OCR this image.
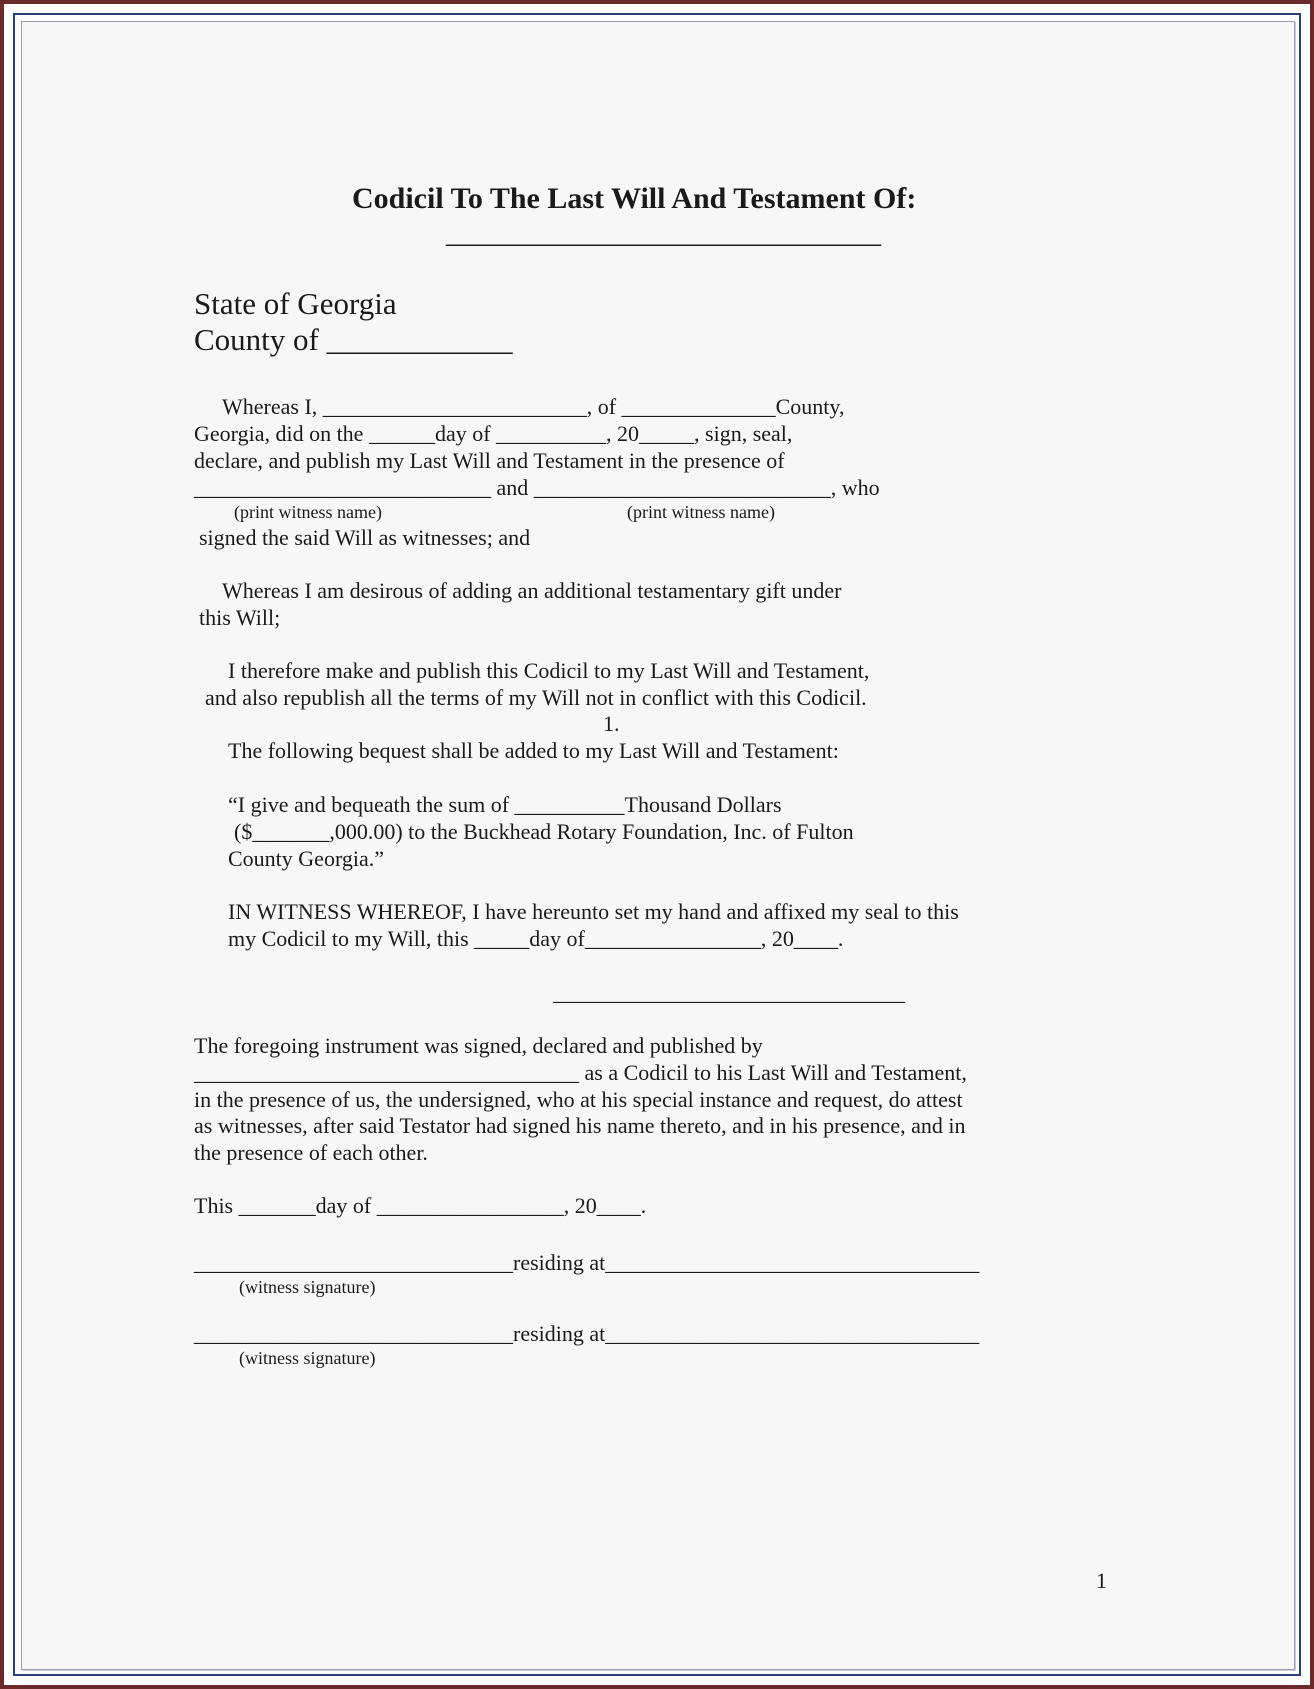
Codicil To The Last Will And Testament Of:
_____________________________
State of Georgia
County of ____________
Whereas I, ________________________, of ______________County,
Georgia, did on the ______day of __________, 20_____, sign, seal,
declare, and publish my Last Will and Testament in the presence of
___________________________ and ___________________________, who
(print witness name)	(print witness name)
signed the said Will as witnesses; and
Whereas I am desirous of adding an additional testamentary gift under
this Will;
I therefore make and publish this Codicil to my Last Will and Testament,
and also republish all the terms of my Will not in conflict with this Codicil.
1.
The following bequest shall be added to my Last Will and Testament:
“I give and bequeath the sum of __________Thousand Dollars
($_______,000.00) to the Buckhead Rotary Foundation, Inc. of Fulton
County Georgia.”
IN WITNESS WHEREOF, I have hereunto set my hand and affixed my seal to this
my Codicil to my Will, this _____day of________________, 20____.
________________________________
The foregoing instrument was signed, declared and published by
___________________________________ as a Codicil to his Last Will and Testament,
in the presence of us, the undersigned, who at his special instance and request, do attest
as witnesses, after said Testator had signed his name thereto, and in his presence, and in
the presence of each other.
This _______day of _________________, 20____.
_____________________________residing at__________________________________
(witness signature)
_____________________________residing at__________________________________
(witness signature)
1
